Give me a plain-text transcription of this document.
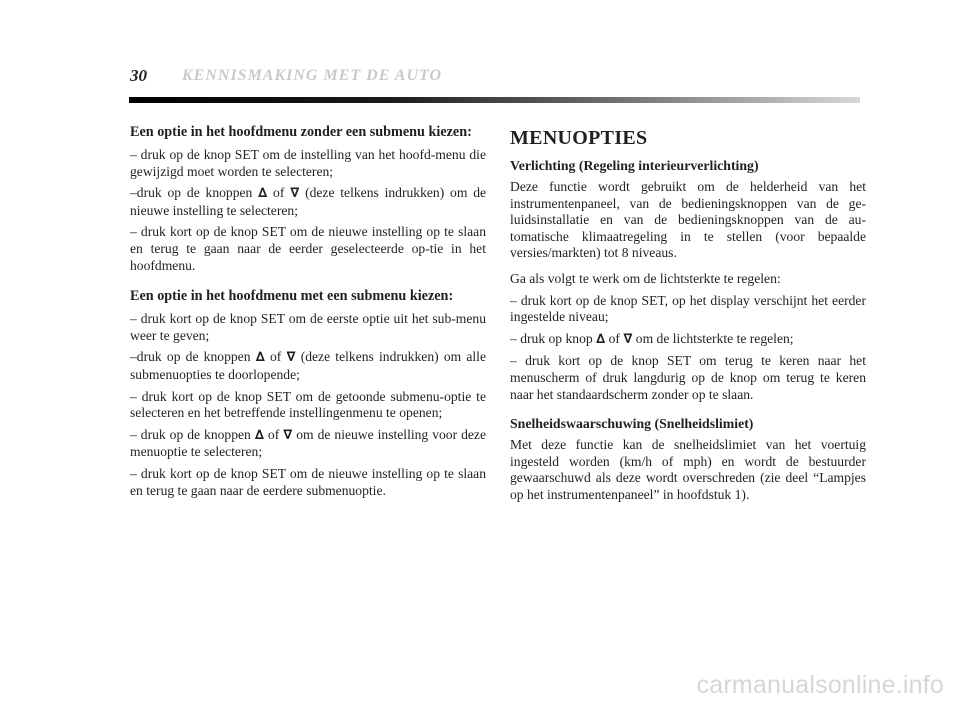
30 KENNISMAKING MET DE AUTO
Een optie in het hoofdmenu zonder een submenu kiezen:

– druk op de knop SET om de instelling van het hoofd-menu die gewijzigd moet worden te selecteren;

–druk op de knoppen ∆ of ∇ (deze telkens indrukken) om de nieuwe instelling te selecteren;

– druk kort op de knop SET om de nieuwe instelling op te slaan en terug te gaan naar de eerder geselecteerde op-tie in het hoofdmenu.

Een optie in het hoofdmenu met een submenu kiezen:

– druk kort op de knop SET om de eerste optie uit het sub-menu weer te geven;

–druk op de knoppen ∆ of ∇ (deze telkens indrukken) om alle submenuopties te doorlopende;

– druk kort op de knop SET om de getoonde submenu-optie te selecteren en het betreffende instellingenmenu te openen;

– druk op de knoppen ∆ of ∇ om de nieuwe instelling voor deze menuoptie te selecteren;

– druk kort op de knop SET om de nieuwe instelling op te slaan en terug te gaan naar de eerdere submenuoptie.

MENUOPTIES
Verlichting (Regeling interieurverlichting)

Deze functie wordt gebruikt om de helderheid van het instrumentenpaneel, van de bedieningsknoppen van de ge-luidsinstallatie en van de bedieningsknoppen van de au-tomatische klimaatregeling in te stellen (voor bepaalde versies/markten) tot 8 niveaus.

Ga als volgt te werk om de lichtsterkte te regelen:

– druk kort op de knop SET, op het display verschijnt het eerder ingestelde niveau;

– druk op knop ∆ of ∇ om de lichtsterkte te regelen;

– druk kort op de knop SET om terug te keren naar het menuscherm of druk langdurig op de knop om terug te keren naar het standaardscherm zonder op te slaan.

Snelheidswaarschuwing (Snelheidslimiet)

Met deze functie kan de snelheidslimiet van het voertuig ingesteld worden (km/h of mph) en wordt de bestuurder gewaarschuwd als deze wordt overschreden (zie deel “Lampjes op het instrumentenpaneel” in hoofdstuk 1).

carmanualsonline.info
